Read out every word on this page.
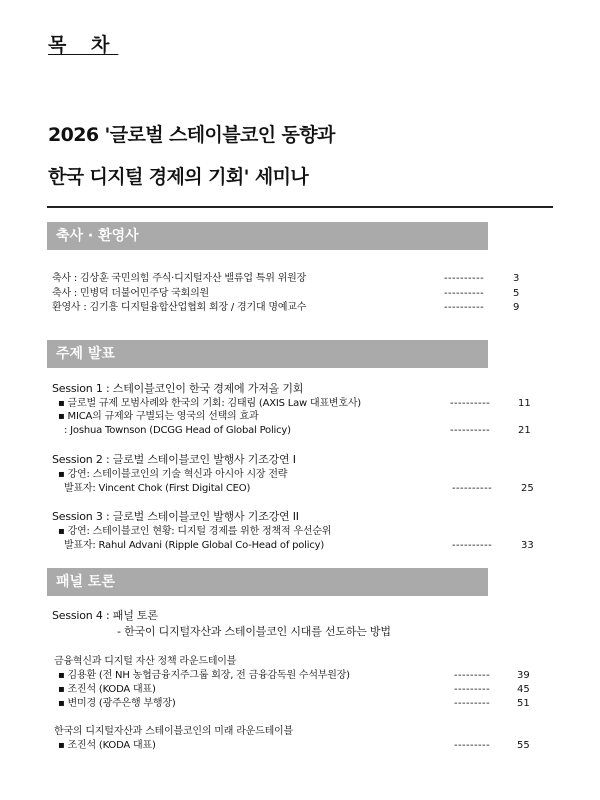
목 차
2026 '글로벌 스테이블코인 동향과
한국 디지털 경제의 기회' 세미나
축사 · 환영사
축사 : 김상훈 국민의힘 주식·디지털자산 밸류업 특위 위원장	----------	3
축사 : 민병덕 더불어민주당 국회의원	----------	5
환영사 : 김기흥 디지털융합산업협회 회장 / 경기대 명예교수	----------	9
주제 발표
Session 1 : 스테이블코인이 한국 경제에 가져올 기회
▪ 글로벌 규제 모범사례와 한국의 기회: 김태림 (AXIS Law 대표변호사)	----------	11
▪ MICA의 규제와 구별되는 영국의 선택의 효과
: Joshua Townson (DCGG Head of Global Policy)	----------	21
Session 2 : 글로벌 스테이블코인 발행사 기조강연 I
▪ 강연: 스테이블코인의 기술 혁신과 아시아 시장 전략
발표자: Vincent Chok (First Digital CEO)	----------	25
Session 3 : 글로벌 스테이블코인 발행사 기조강연 II
▪ 강연: 스테이블코인 현황: 디지털 경제를 위한 정책적 우선순위
발표자: Rahul Advani (Ripple Global Co-Head of policy)	----------	33
패널 토론
Session 4 : 패널 토론
- 한국이 디지털자산과 스테이블코인 시대를 선도하는 방법
금융혁신과 디지털 자산 정책 라운드테이블
▪ 김용환 (전 NH 농협금융지주그룹 회장, 전 금융감독원 수석부원장)	---------	39
▪ 조진석 (KODA 대표)	---------	45
▪ 변미경 (광주은행 부행장)	---------	51
한국의 디지털자산과 스테이블코인의 미래 라운드테이블
▪ 조진석 (KODA 대표)	---------	55
